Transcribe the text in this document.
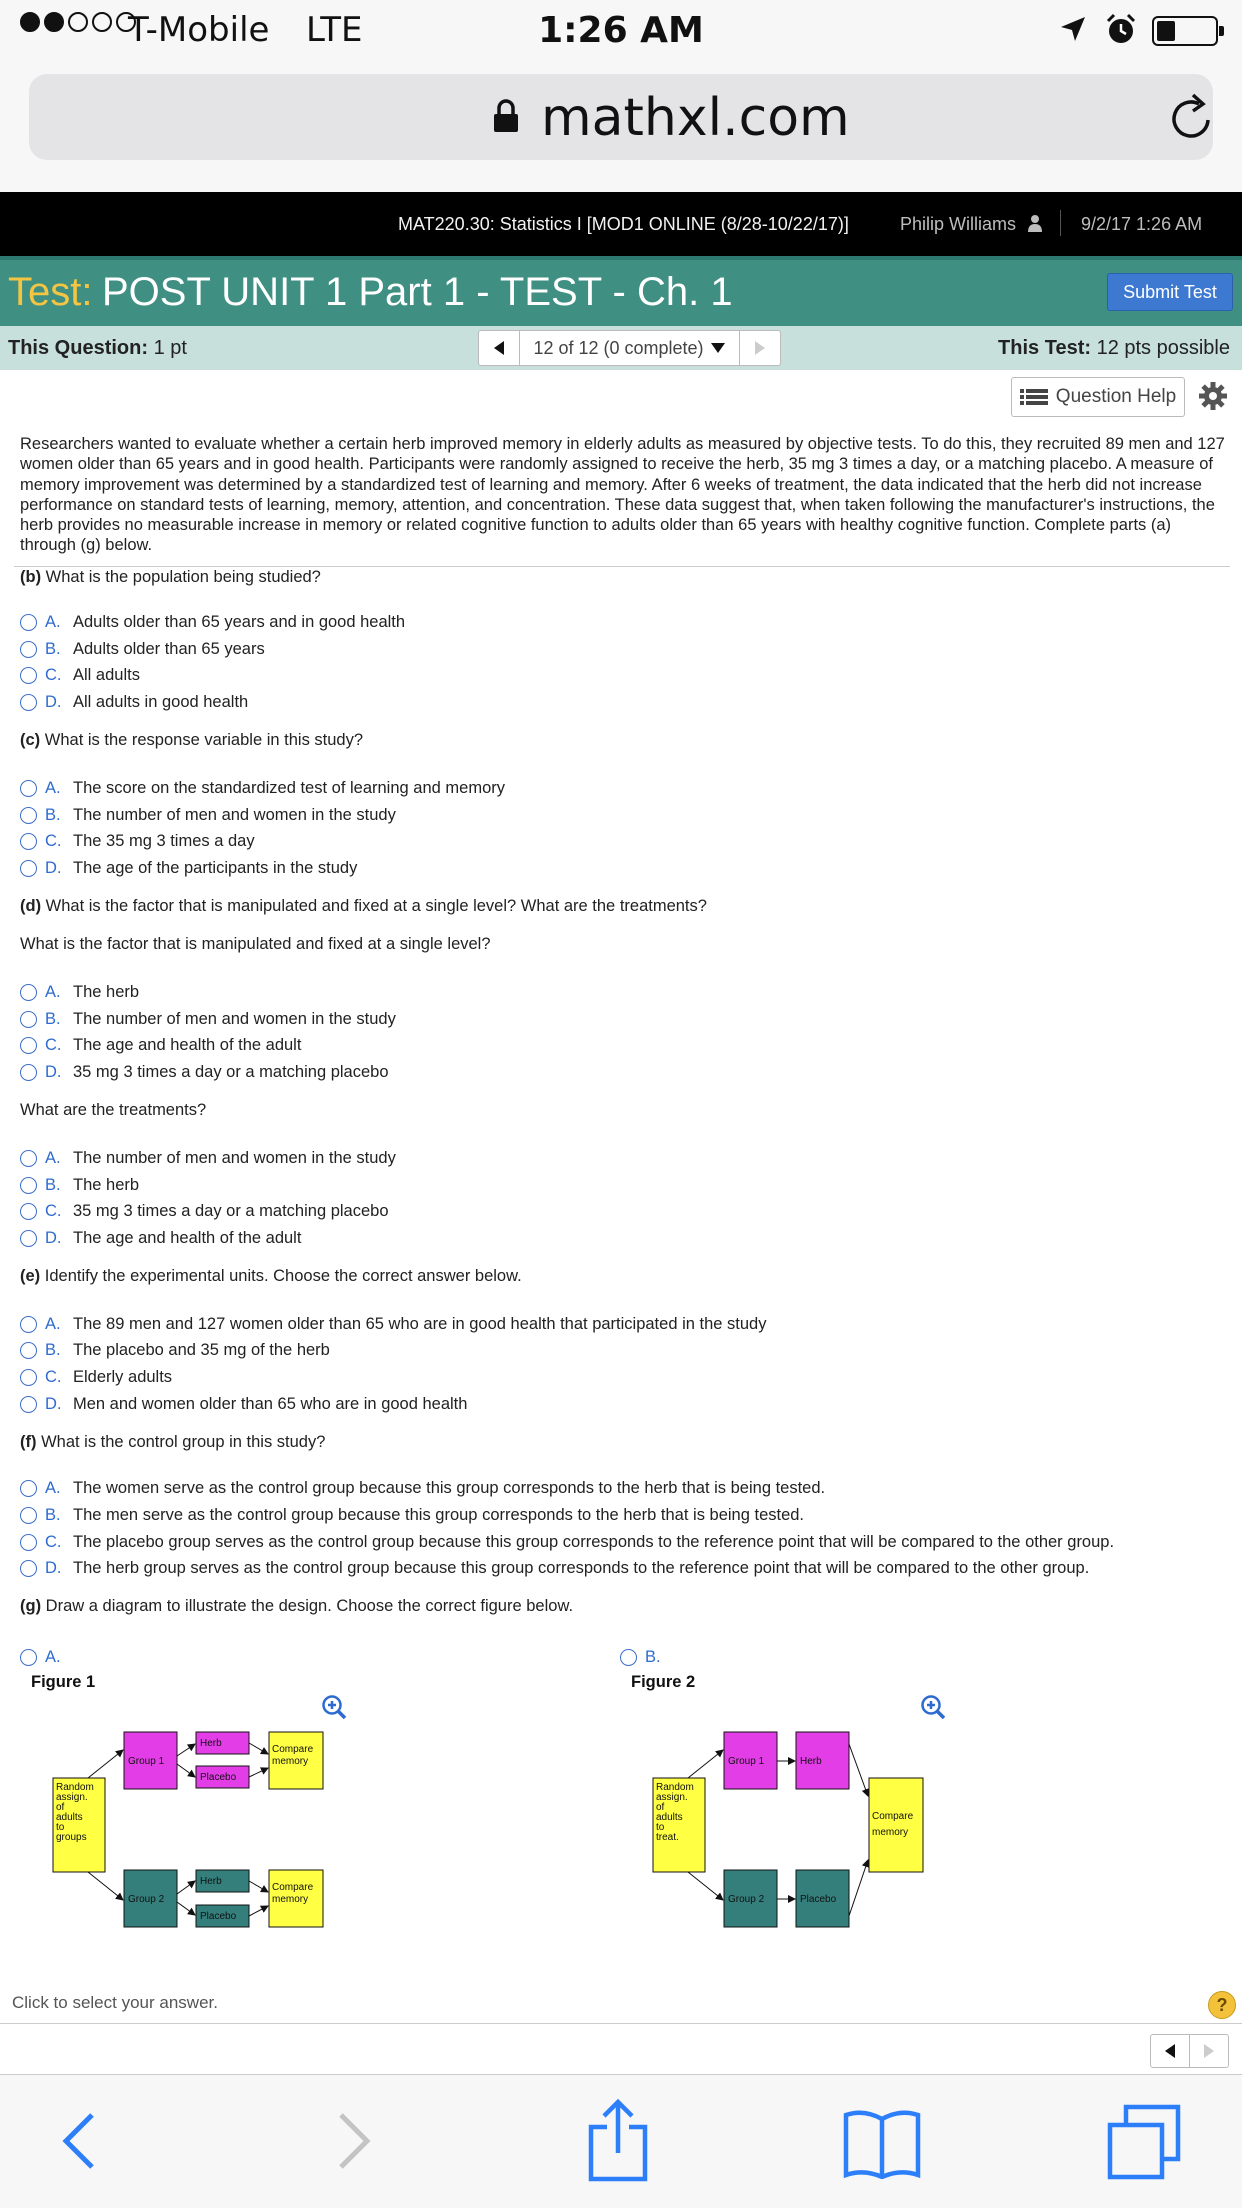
T-Mobile LTE	1:26 AM
mathxl.com
MAT220.30: Statistics I [MOD1 ONLINE (8/28-10/22/17)]	Philip Williams	9/2/17 1:26 AM
Test: POST UNIT 1 Part 1 - TEST - Ch. 1	Submit Test
This Question: 1 pt	12 of 12 (0 complete)	This Test: 12 pts possible
Question Help

Researchers wanted to evaluate whether a certain herb improved memory in elderly adults as measured by objective tests. To do this, they recruited 89 men and 127 women older than 65 years and in good health. Participants were randomly assigned to receive the herb, 35 mg 3 times a day, or a matching placebo. A measure of memory improvement was determined by a standardized test of learning and memory. After 6 weeks of treatment, the data indicated that the herb did not increase performance on standard tests of learning, memory, attention, and concentration. These data suggest that, when taken following the manufacturer's instructions, the herb provides no measurable increase in memory or related cognitive function to adults older than 65 years with healthy cognitive function. Complete parts (a) through (g) below.

(b) What is the population being studied?
A. Adults older than 65 years and in good health
B. Adults older than 65 years
C. All adults
D. All adults in good health
(c) What is the response variable in this study?
A. The score on the standardized test of learning and memory
B. The number of men and women in the study
C. The 35 mg 3 times a day
D. The age of the participants in the study
(d) What is the factor that is manipulated and fixed at a single level? What are the treatments?
What is the factor that is manipulated and fixed at a single level?
A. The herb
B. The number of men and women in the study
C. The age and health of the adult
D. 35 mg 3 times a day or a matching placebo
What are the treatments?
A. The number of men and women in the study
B. The herb
C. 35 mg 3 times a day or a matching placebo
D. The age and health of the adult
(e) Identify the experimental units. Choose the correct answer below.
A. The 89 men and 127 women older than 65 who are in good health that participated in the study
B. The placebo and 35 mg of the herb
C. Elderly adults
D. Men and women older than 65 who are in good health
(f) What is the control group in this study?
A. The women serve as the control group because this group corresponds to the herb that is being tested.
B. The men serve as the control group because this group corresponds to the herb that is being tested.
C. The placebo group serves as the control group because this group corresponds to the reference point that will be compared to the other group.
D. The herb group serves as the control group because this group corresponds to the reference point that will be compared to the other group.
(g) Draw a diagram to illustrate the design. Choose the correct figure below.
A.
Figure 1
B.
Figure 2
Random assign. of adults to groups
Group 1
Group 2
Herb
Placebo
Herb
Placebo
Compare memory
Compare memory
Random assign. of adults to treat.
Group 1
Group 2
Herb
Placebo
Compare memory
Click to select your answer.	?
